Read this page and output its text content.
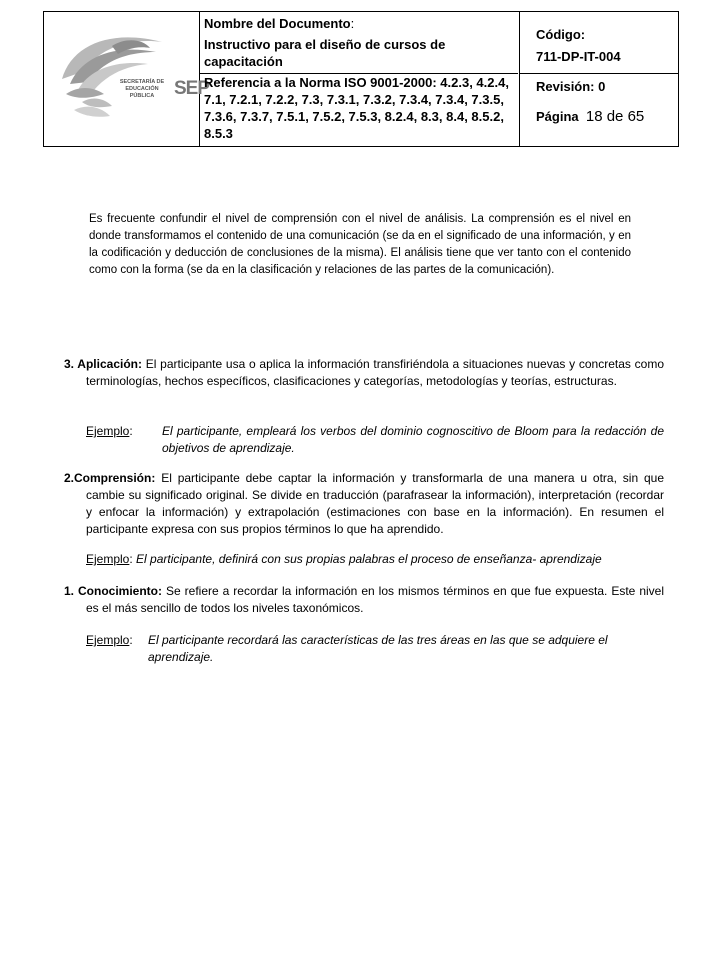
SECRETARÍA DE EDUCACIÓN PÚBLICA	SEP
Nombre del Documento:
Instructivo para el diseño de cursos de capacitación
Referencia a la Norma ISO 9001-2000: 4.2.3, 4.2.4, 7.1, 7.2.1, 7.2.2, 7.3, 7.3.1, 7.3.2, 7.3.4, 7.3.4, 7.3.5, 7.3.6, 7.3.7, 7.5.1, 7.5.2, 7.5.3, 8.2.4, 8.3, 8.4, 8.5.2, 8.5.3
Código:
711-DP-IT-004
Revisión: 0
Página 18 de 65
Es frecuente confundir el nivel de comprensión con el nivel de análisis. La comprensión es el nivel en donde transformamos el contenido de una comunicación (se da en el significado de una información, y en la codificación y deducción de conclusiones de la misma). El análisis tiene que ver tanto con el contenido como con la forma (se da en la clasificación y relaciones de las partes de la comunicación).
3. Aplicación: El participante usa o aplica la información transfiriéndola a situaciones nuevas y concretas como terminologías, hechos específicos, clasificaciones y categorías, metodologías y teorías, estructuras.
Ejemplo:	El participante, empleará los verbos del dominio cognoscitivo de Bloom para la redacción de objetivos de aprendizaje.
2.Comprensión: El participante debe captar la información y transformarla de una manera u otra, sin que cambie su significado original. Se divide en traducción (parafrasear la información), interpretación (recordar y enfocar la información) y extrapolación (estimaciones con base en la información). En resumen el participante expresa con sus propios términos lo que ha aprendido.
Ejemplo: El participante, definirá con sus propias palabras el proceso de enseñanza- aprendizaje
1. Conocimiento: Se refiere a recordar la información en los mismos términos en que fue expuesta. Este nivel es el más sencillo de todos los niveles taxonómicos.
Ejemplo:	El participante recordará las características de las tres áreas en las que se adquiere el aprendizaje.
